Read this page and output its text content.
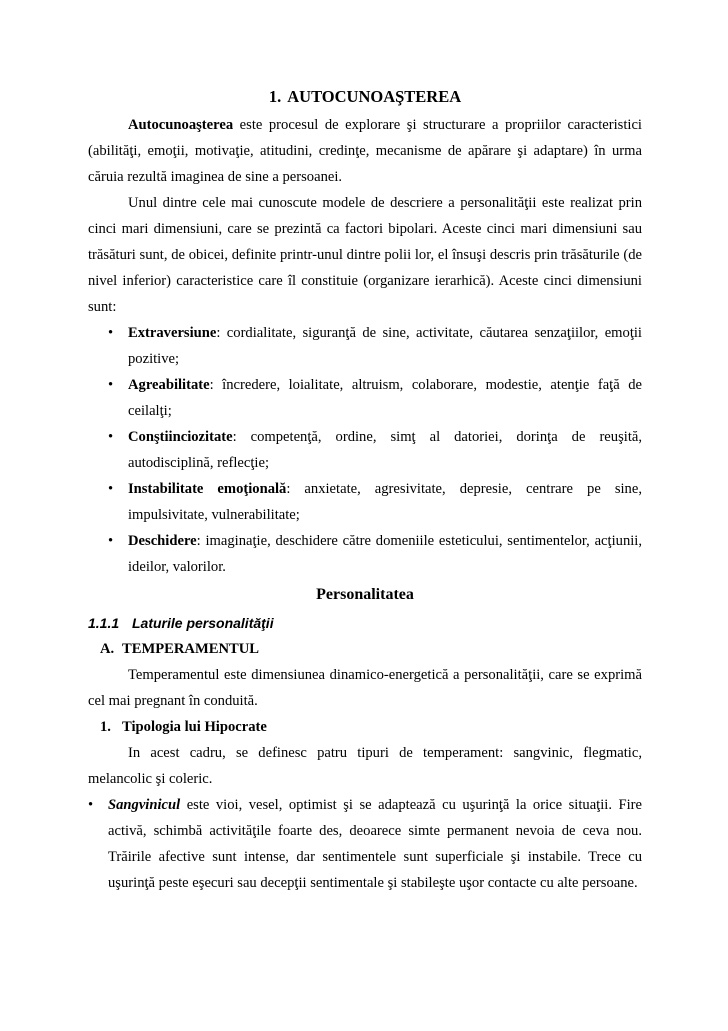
1. AUTOCUNOAŞTEREA

Autocunoaşterea este procesul de explorare şi structurare a propriilor caracteristici (abilităţi, emoţii, motivaţie, atitudini, credinţe, mecanisme de apărare şi adaptare) în urma căruia rezultă imaginea de sine a persoanei.

Unul dintre cele mai cunoscute modele de descriere a personalităţii este realizat prin cinci mari dimensiuni, care se prezintă ca factori bipolari. Aceste cinci mari dimensiuni sau trăsături sunt, de obicei, definite printr-unul dintre polii lor, el însuşi descris prin trăsăturile (de nivel inferior) caracteristice care îl constituie (organizare ierarhică). Aceste cinci dimensiuni sunt:

• Extraversiune: cordialitate, siguranţă de sine, activitate, căutarea senzaţiilor, emoţii pozitive;
• Agreabilitate: încredere, loialitate, altruism, colaborare, modestie, atenţie faţă de ceilalţi;
• Conştiinciozitate: competenţă, ordine, simţ al datoriei, dorinţa de reuşită, autodisciplină, reflecţie;
• Instabilitate emoţională: anxietate, agresivitate, depresie, centrare pe sine, impulsivitate, vulnerabilitate;
• Deschidere: imaginaţie, deschidere către domeniile esteticului, sentimentelor, acţiunii, ideilor, valorilor.
Personalitatea
1.1.1 Laturile personalităţii
A. TEMPERAMENTUL

Temperamentul este dimensiunea dinamico-energetică a personalităţii, care se exprimă cel mai pregnant în conduită.

1. Tipologia lui Hipocrate

In acest cadru, se definesc patru tipuri de temperament: sangvinic, flegmatic, melancolic şi coleric.

• Sangvinicul este vioi, vesel, optimist şi se adaptează cu uşurinţă la orice situaţii. Fire activă, schimbă activităţile foarte des, deoarece simte permanent nevoia de ceva nou. Trăirile afective sunt intense, dar sentimentele sunt superficiale şi instabile. Trece cu uşurinţă peste eşecuri sau decepţii sentimentale şi stabileşte uşor contacte cu alte persoane.
